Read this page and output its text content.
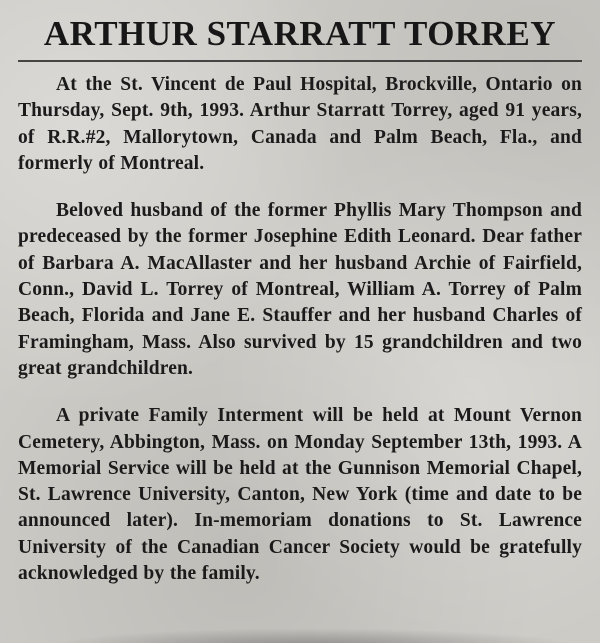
ARTHUR STARRATT TORREY

At the St. Vincent de Paul Hospital, Brockville, Ontario on Thursday, Sept. 9th, 1993. Arthur Starratt Torrey, aged 91 years, of R.R.#2, Mallorytown, Canada and Palm Beach, Fla., and formerly of Montreal.

Beloved husband of the former Phyllis Mary Thompson and predeceased by the former Josephine Edith Leonard. Dear father of Barbara A. MacAllaster and her husband Archie of Fairfield, Conn., David L. Torrey of Montreal, William A. Torrey of Palm Beach, Florida and Jane E. Stauffer and her husband Charles of Framingham, Mass. Also survived by 15 grandchildren and two great grandchildren.

A private Family Interment will be held at Mount Vernon Cemetery, Abbington, Mass. on Monday September 13th, 1993. A Memorial Service will be held at the Gunnison Memorial Chapel, St. Lawrence University, Canton, New York (time and date to be announced later). In-memoriam donations to St. Lawrence University of the Canadian Cancer Society would be gratefully acknowledged by the family.
